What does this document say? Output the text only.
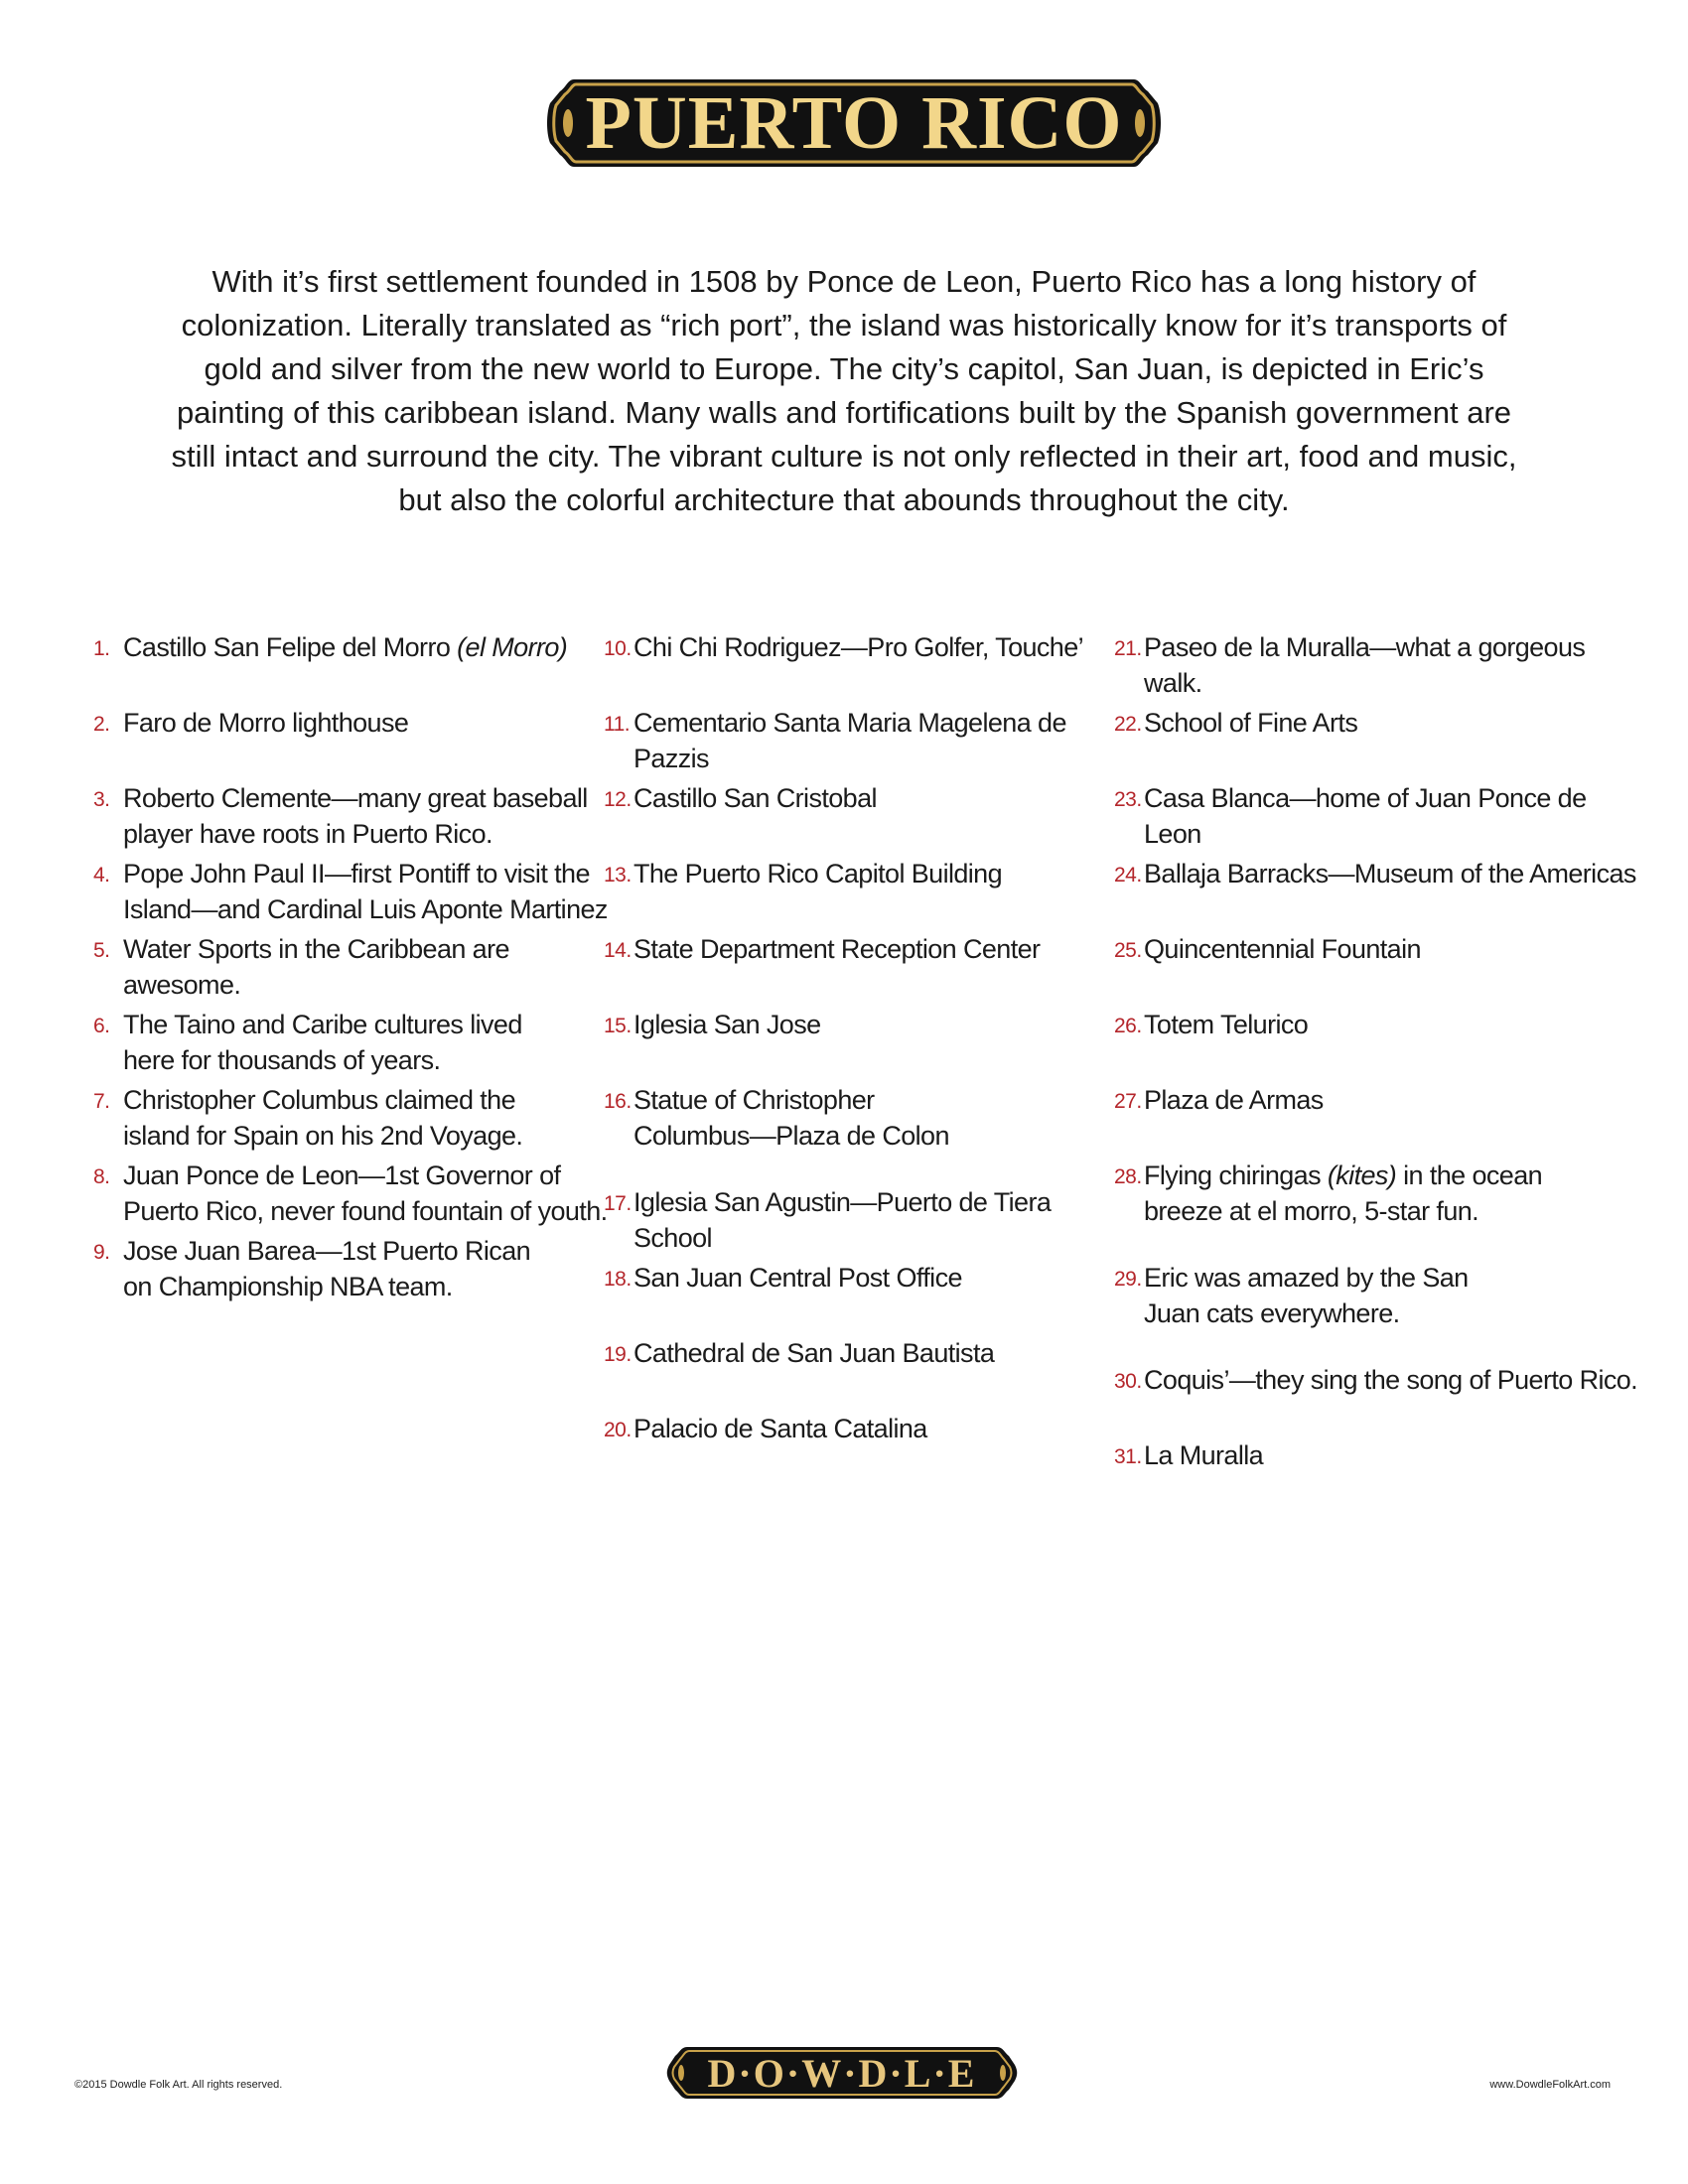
PUERTO RICO
With it’s first settlement founded in 1508 by Ponce de Leon, Puerto Rico has a long history of colonization. Literally translated as “rich port”, the island was historically know for it’s transports of gold and silver from the new world to Europe. The city’s capitol, San Juan, is depicted in Eric’s painting of this caribbean island. Many walls and fortifications built by the Spanish government are still intact and surround the city. The vibrant culture is not only reflected in their art, food and music, but also the colorful architecture that abounds throughout the city.
1. Castillo San Felipe del Morro (el Morro)
2. Faro de Morro lighthouse
3. Roberto Clemente—many great baseball
player have roots in Puerto Rico.
4. Pope John Paul II—first Pontiff to visit the
Island—and Cardinal Luis Aponte Martinez
5. Water Sports in the Caribbean are awesome.
6. The Taino and Caribe cultures lived
here for thousands of years.
7. Christopher Columbus claimed the
island for Spain on his 2nd Voyage.
8. Juan Ponce de Leon—1st Governor of
Puerto Rico, never found fountain of youth.
9. Jose Juan Barea—1st Puerto Rican
on Championship NBA team.
10. Chi Chi Rodriguez—Pro Golfer, Touche’
11. Cementario Santa Maria Magelena de Pazzis
12. Castillo San Cristobal
13. The Puerto Rico Capitol Building
14. State Department Reception Center
15. Iglesia San Jose
16. Statue of Christopher
Columbus—Plaza de Colon
17. Iglesia San Agustin—Puerto de Tiera School
18. San Juan Central Post Office
19. Cathedral de San Juan Bautista
20. Palacio de Santa Catalina
21. Paseo de la Muralla—what a gorgeous walk.
22. School of Fine Arts
23. Casa Blanca—home of Juan Ponce de Leon
24. Ballaja Barracks—Museum of the Americas
25. Quincentennial Fountain
26. Totem Telurico
27. Plaza de Armas
28. Flying chiringas (kites) in the ocean
breeze at el morro, 5-star fun.
29. Eric was amazed by the San
Juan cats everywhere.
30. Coquis’—they sing the song of Puerto Rico.
31. La Muralla
©2015 Dowdle Folk Art. All rights reserved.	D·O·W·D·L·E	www.DowdleFolkArt.com
